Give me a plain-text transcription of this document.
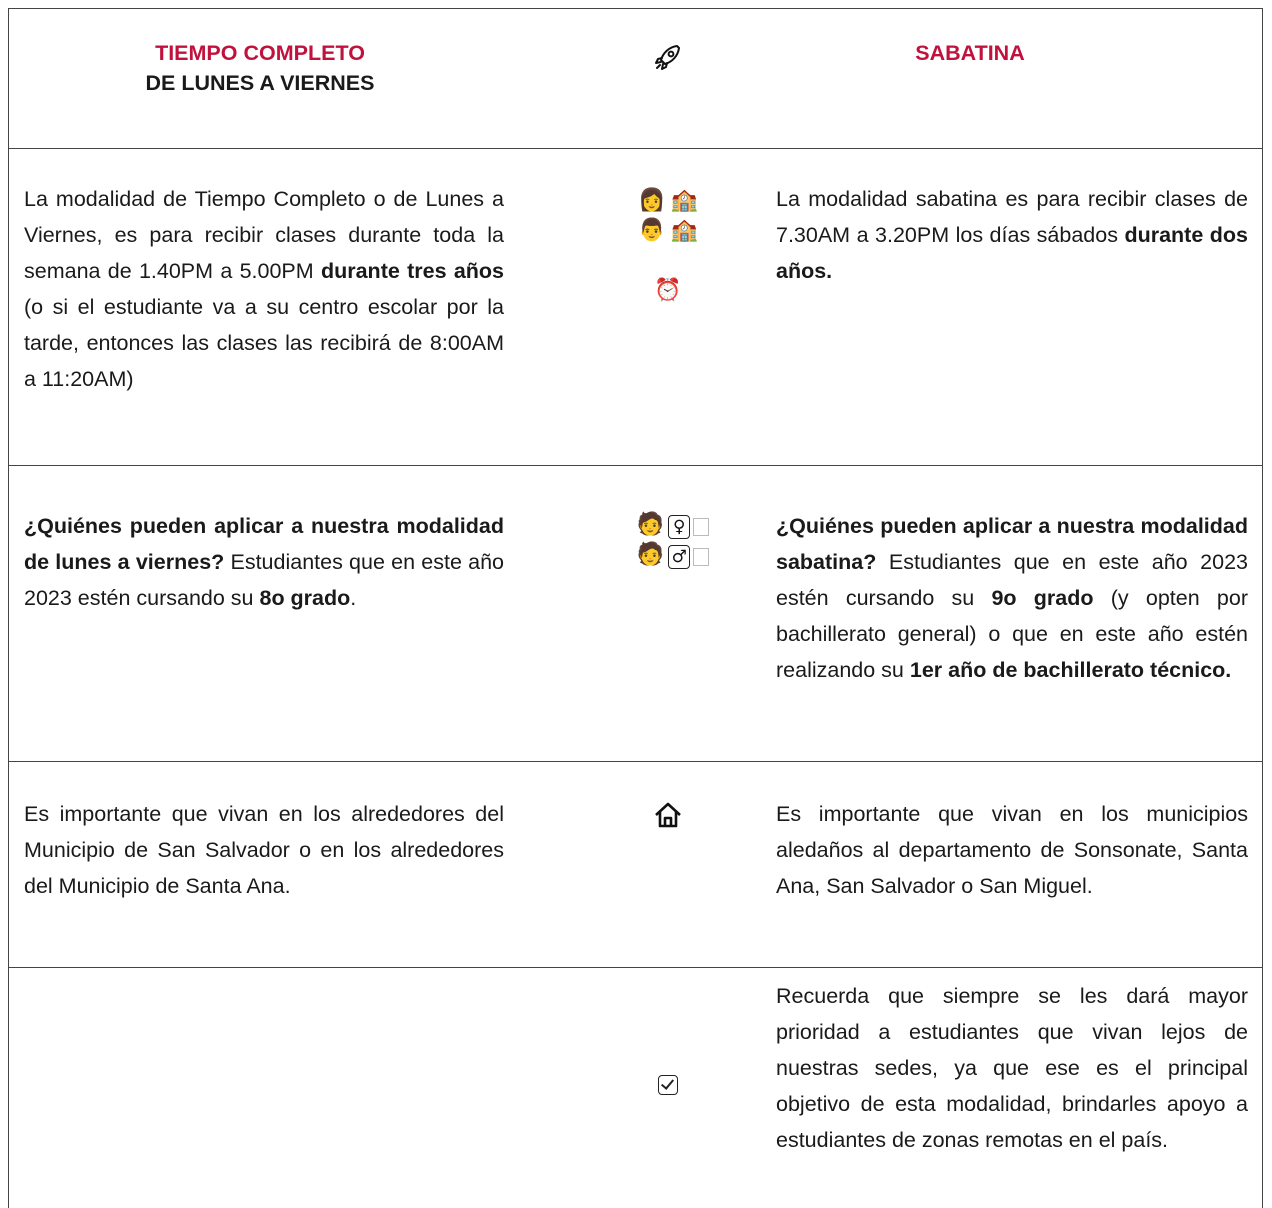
TIEMPO COMPLETO
DE LUNES A VIERNES
SABATINA
La modalidad de Tiempo Completo o de Lunes a Viernes, es para recibir clases durante toda la semana de 1.40PM a 5.00PM durante tres años (o si el estudiante va a su centro escolar por la tarde, entonces las clases las recibirá de 8:00AM a 11:20AM)
👩 🏫
👨 🏫
⏰
La modalidad sabatina es para recibir clases de 7.30AM a 3.20PM los días sábados durante dos años.
¿Quiénes pueden aplicar a nuestra modalidad de lunes a viernes? Estudiantes que en este año 2023 estén cursando su 8o grado.
🧑 ♀
🧑 ♂
¿Quiénes pueden aplicar a nuestra modalidad sabatina? Estudiantes que en este año 2023 estén cursando su 9o grado (y opten por bachillerato general) o que en este año estén realizando su 1er año de bachillerato técnico.
Es importante que vivan en los alrededores del Municipio de San Salvador o en los alrededores del Municipio de Santa Ana.
Es importante que vivan en los municipios aledaños al departamento de Sonsonate, Santa Ana, San Salvador o San Miguel.
Recuerda que siempre se les dará mayor prioridad a estudiantes que vivan lejos de nuestras sedes, ya que ese es el principal objetivo de esta modalidad, brindarles apoyo a estudiantes de zonas remotas en el país.
